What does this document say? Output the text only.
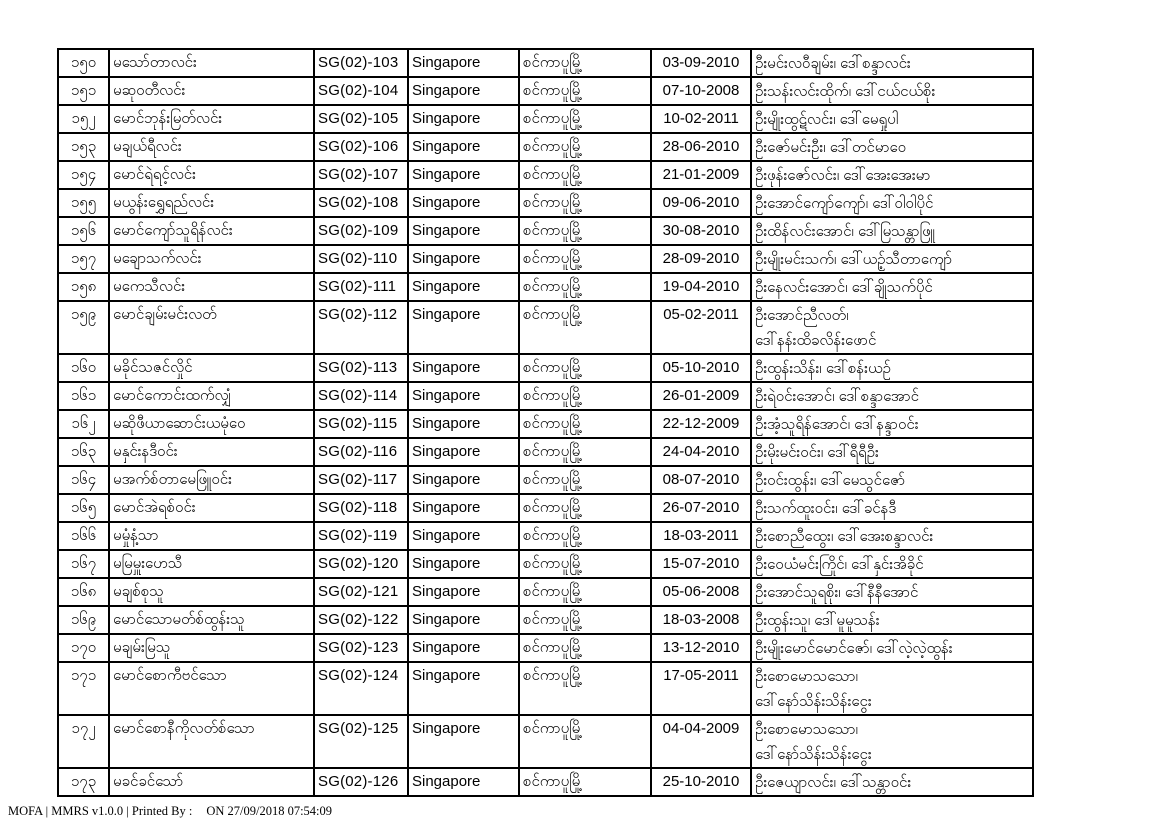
၁၅၀	မသော်တာလင်း	SG(02)-103	Singapore	စင်ကာပူမြို့	03-09-2010	ဦးမင်းလဝီချမ်း၊ ဒေါ်စန္ဒာလင်း

၁၅၁	မဆုဝတီလင်း	SG(02)-104	Singapore	စင်ကာပူမြို့	07-10-2008	ဦးသန်းလင်းထိုက်၊ ဒေါ်ငယ်ငယ်စိုး

၁၅၂	မောင်ဘုန်းမြတ်လင်း	SG(02)-105	Singapore	စင်ကာပူမြို့	10-02-2011	ဦးမျိုးထွဋ်လင်း၊ ဒေါ်မေရှုပါ

၁၅၃	မချယ်ရီလင်း	SG(02)-106	Singapore	စင်ကာပူမြို့	28-06-2010	ဦးဇော်မင်းဦး၊ ဒေါ်တင်မာဝေ

၁၅၄	မောင်ရဲရင့်လင်း	SG(02)-107	Singapore	စင်ကာပူမြို့	21-01-2009	ဦးဖုန်းဇော်လင်း၊ ဒေါ်အေးအေးမာ

၁၅၅	မယွန်းရွှေရည်လင်း	SG(02)-108	Singapore	စင်ကာပူမြို့	09-06-2010	ဦးအောင်ကျော်ကျော်၊ ဒေါ်ဝါဝါပိုင်

၁၅၆	မောင်ကျော်သူရိန်လင်း	SG(02)-109	Singapore	စင်ကာပူမြို့	30-08-2010	ဦးထိန်လင်းအောင်၊ ဒေါ်မြသန္တာဖြူ

၁၅၇	မချောသက်လင်း	SG(02)-110	Singapore	စင်ကာပူမြို့	28-09-2010	ဦးမျိုးမင်းသက်၊ ဒေါ်ယဉ့်သီတာကျော်

၁၅၈	မကေသီလင်း	SG(02)-111	Singapore	စင်ကာပူမြို့	19-04-2010	ဦးနေလင်းအောင်၊ ဒေါ်ချိုသက်ပိုင်

၁၅၉	မောင်ချမ်းမင်းလတ်	SG(02)-112	Singapore	စင်ကာပူမြို့	05-02-2011	ဦးအောင်ညီလတ်၊
ဒေါ်နန်းထိခလိန်းဖောင်

၁၆၀	မခိုင်သဇင်လှိုင်	SG(02)-113	Singapore	စင်ကာပူမြို့	05-10-2010	ဦးထွန်းသိန်း၊ ဒေါ်စန်းယဉ်

၁၆၁	မောင်ကောင်းထက်လျှံ	SG(02)-114	Singapore	စင်ကာပူမြို့	26-01-2009	ဦးရဲဝင်းအောင်၊ ဒေါ်စန္ဒာအောင်

၁၆၂	မဆိုဖီယာဆောင်းယမုံဝေ	SG(02)-115	Singapore	စင်ကာပူမြို့	22-12-2009	ဦးအံ့သူရိန်အောင်၊ ဒေါ်နန္ဒာဝင်း

၁၆၃	မနှင်းနဒီဝင်း	SG(02)-116	Singapore	စင်ကာပူမြို့	24-04-2010	ဦးမိုးမင်းဝင်း၊ ဒေါ်ရီရီဦး

၁၆၄	မအက်စ်တာမေဖြူဝင်း	SG(02)-117	Singapore	စင်ကာပူမြို့	08-07-2010	ဦးဝင်းထွန်း၊ ဒေါ်မေသွင်ဇော်

၁၆၅	မောင်အဲရစ်ဝင်း	SG(02)-118	Singapore	စင်ကာပူမြို့	26-07-2010	ဦးသက်ထူးဝင်း၊ ဒေါ်ခင်နဒီ

၁၆၆	မမှုံနံ့သာ	SG(02)-119	Singapore	စင်ကာပူမြို့	18-03-2011	ဦးစောညီထွေး၊ ဒေါ်အေးစန္ဒာလင်း

၁၆၇	မမြမှူးဟေသီ	SG(02)-120	Singapore	စင်ကာပူမြို့	15-07-2010	ဦးဝေယံမင်းကြိုင်၊ ဒေါ်နှင်းအိခိုင်

၁၆၈	မချစ်စုသူ	SG(02)-121	Singapore	စင်ကာပူမြို့	05-06-2008	ဦးအောင်သူရစိုး၊ ဒေါ်နီနီအောင်

၁၆၉	မောင်သောမတ်စ်ထွန်းသူ	SG(02)-122	Singapore	စင်ကာပူမြို့	18-03-2008	ဦးထွန်းသူ၊ ဒေါ်မူမူသန်း

၁၇၀	မချမ်းမြသူ	SG(02)-123	Singapore	စင်ကာပူမြို့	13-12-2010	ဦးမျိုးမောင်မောင်ဇော်၊ ဒေါ်လဲ့လဲ့ထွန်း

၁၇၁	မောင်စောကီဗင်သော	SG(02)-124	Singapore	စင်ကာပူမြို့	17-05-2011	ဦးစောမောသသော၊
ဒေါ်နော်သိန်းသိန်းငွေး

၁၇၂	မောင်စောနီကိုလတ်စ်သော	SG(02)-125	Singapore	စင်ကာပူမြို့	04-04-2009	ဦးစောမောသသော၊
ဒေါ်နော်သိန်းသိန်းငွေး

၁၇၃	မခင်ခင်သော်	SG(02)-126	Singapore	စင်ကာပူမြို့	25-10-2010	ဦးဇေယျာလင်း၊ ဒေါ်သန္တာဝင်း
MOFA | MMRS v1.0.0 | Printed By : ON 27/09/2018 07:54:09
